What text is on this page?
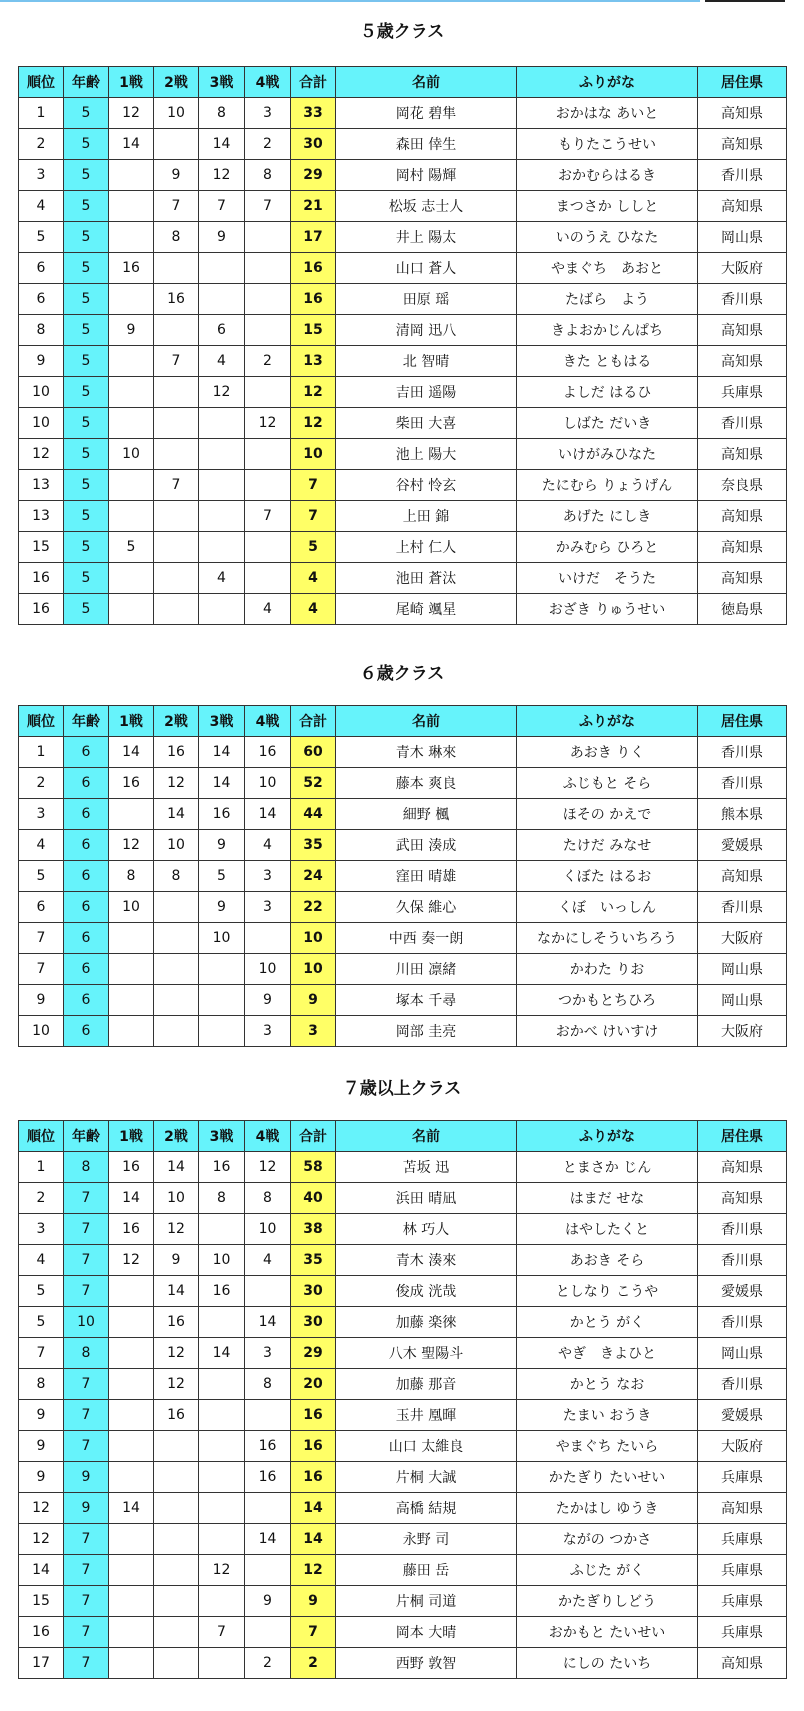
５歳クラス
順位	年齢	1戦	2戦	3戦	4戦	合計	名前	ふりがな	居住県
1	5	12	10	8	3	33	岡花 碧隼	おかはな あいと	高知県
2	5	14		14	2	30	森田 倖生	もりたこうせい	高知県
3	5		9	12	8	29	岡村 陽輝	おかむらはるき	香川県
4	5		7	7	7	21	松坂 志士人	まつさか ししと	高知県
5	5		8	9		17	井上 陽太	いのうえ ひなた	岡山県
6	5	16				16	山口 蒼人	やまぐち　あおと	大阪府
6	5		16			16	田原 瑶	たばら　よう	香川県
8	5	9		6		15	清岡 迅八	きよおかじんぱち	高知県
9	5		7	4	2	13	北 智晴	きた ともはる	高知県
10	5			12		12	吉田 遥陽	よしだ はるひ	兵庫県
10	5				12	12	柴田 大喜	しばた だいき	香川県
12	5	10				10	池上 陽大	いけがみひなた	高知県
13	5		7			7	谷村 怜玄	たにむら りょうげん	奈良県
13	5				7	7	上田 錦	あげた にしき	高知県
15	5	5				5	上村 仁人	かみむら ひろと	高知県
16	5			4		4	池田 蒼汰	いけだ　そうた	高知県
16	5				4	4	尾崎 颯星	おざき りゅうせい	徳島県
６歳クラス
順位	年齢	1戦	2戦	3戦	4戦	合計	名前	ふりがな	居住県
1	6	14	16	14	16	60	青木 琳來	あおき りく	香川県
2	6	16	12	14	10	52	藤本 爽良	ふじもと そら	香川県
3	6		14	16	14	44	細野 楓	ほその かえで	熊本県
4	6	12	10	9	4	35	武田 湊成	たけだ みなせ	愛媛県
5	6	8	8	5	3	24	窪田 晴雄	くぼた はるお	高知県
6	6	10		9	3	22	久保 維心	くぼ　いっしん	香川県
7	6			10		10	中西 奏一朗	なかにしそういちろう	大阪府
7	6				10	10	川田 凛緒	かわた りお	岡山県
9	6				9	9	塚本 千尋	つかもとちひろ	岡山県
10	6				3	3	岡部 圭亮	おかべ けいすけ	大阪府
７歳以上クラス
順位	年齢	1戦	2戦	3戦	4戦	合計	名前	ふりがな	居住県
1	8	16	14	16	12	58	苫坂 迅	とまさか じん	高知県
2	7	14	10	8	8	40	浜田 晴凪	はまだ せな	高知県
3	7	16	12		10	38	林 巧人	はやしたくと	香川県
4	7	12	9	10	4	35	青木 湊來	あおき そら	香川県
5	7		14	16		30	俊成 洸哉	としなり こうや	愛媛県
5	10		16		14	30	加藤 楽徠	かとう がく	香川県
7	8		12	14	3	29	八木 聖陽斗	やぎ　きよひと	岡山県
8	7		12		8	20	加藤 那音	かとう なお	香川県
9	7		16			16	玉井 凰暉	たまい おうき	愛媛県
9	7				16	16	山口 太維良	やまぐち たいら	大阪府
9	9				16	16	片桐 大誠	かたぎり たいせい	兵庫県
12	9	14				14	高橋 結規	たかはし ゆうき	高知県
12	7				14	14	永野 司	ながの つかさ	兵庫県
14	7			12		12	藤田 岳	ふじた がく	兵庫県
15	7				9	9	片桐 司道	かたぎりしどう	兵庫県
16	7			7		7	岡本 大晴	おかもと たいせい	兵庫県
17	7				2	2	西野 敦智	にしの たいち	高知県
